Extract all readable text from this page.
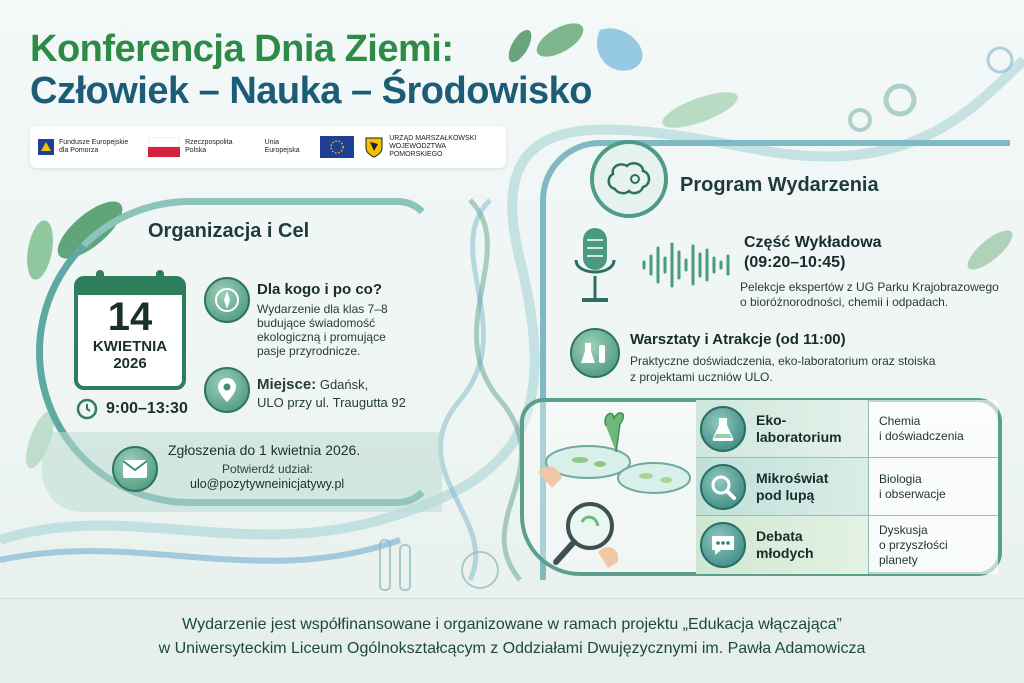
Konferencja Dnia Ziemi:
Człowiek – Nauka – Środowisko
Fundusze Europejskie dla Pomorza
Rzeczpospolita Polska
Unia Europejska
URZĄD MARSZAŁKOWSKI WOJEWÓDZTWA POMORSKIEGO
Organizacja i Cel
14
KWIETNIA
2026
9:00–13:30
Dla kogo i po co?
Wydarzenie dla klas 7–8
budujące świadomość
ekologiczną i promujące
pasje przyrodnicze.
Miejsce: Gdańsk,
ULO przy ul. Traugutta 92
Zgłoszenia do 1 kwietnia 2026.
Potwierdź udział:
ulo@pozytywneinicjatywy.pl
Program Wydarzenia
Część Wykładowa
(09:20–10:45)
Pelekcje ekspertów z UG Parku Krajobrazowego
o bioróżnorodności, chemii i odpadach.
Warsztaty i Atrakcje (od 11:00)
Praktyczne doświadczenia, eko-laboratorium oraz stoiska
z projektami uczniów ULO.
Eko-
laboratorium
Chemia
i doświadczenia
Mikroświat
pod lupą
Biologia
i obserwacje
Debata
młodych
Dyskusja
o przyszłości
planety
Wydarzenie jest współfinansowane i organizowane w ramach projektu „Edukacja włączająca”
w Uniwersyteckim Liceum Ogólnokształcącym z Oddziałami Dwujęzycznymi im. Pawła Adamowicza
